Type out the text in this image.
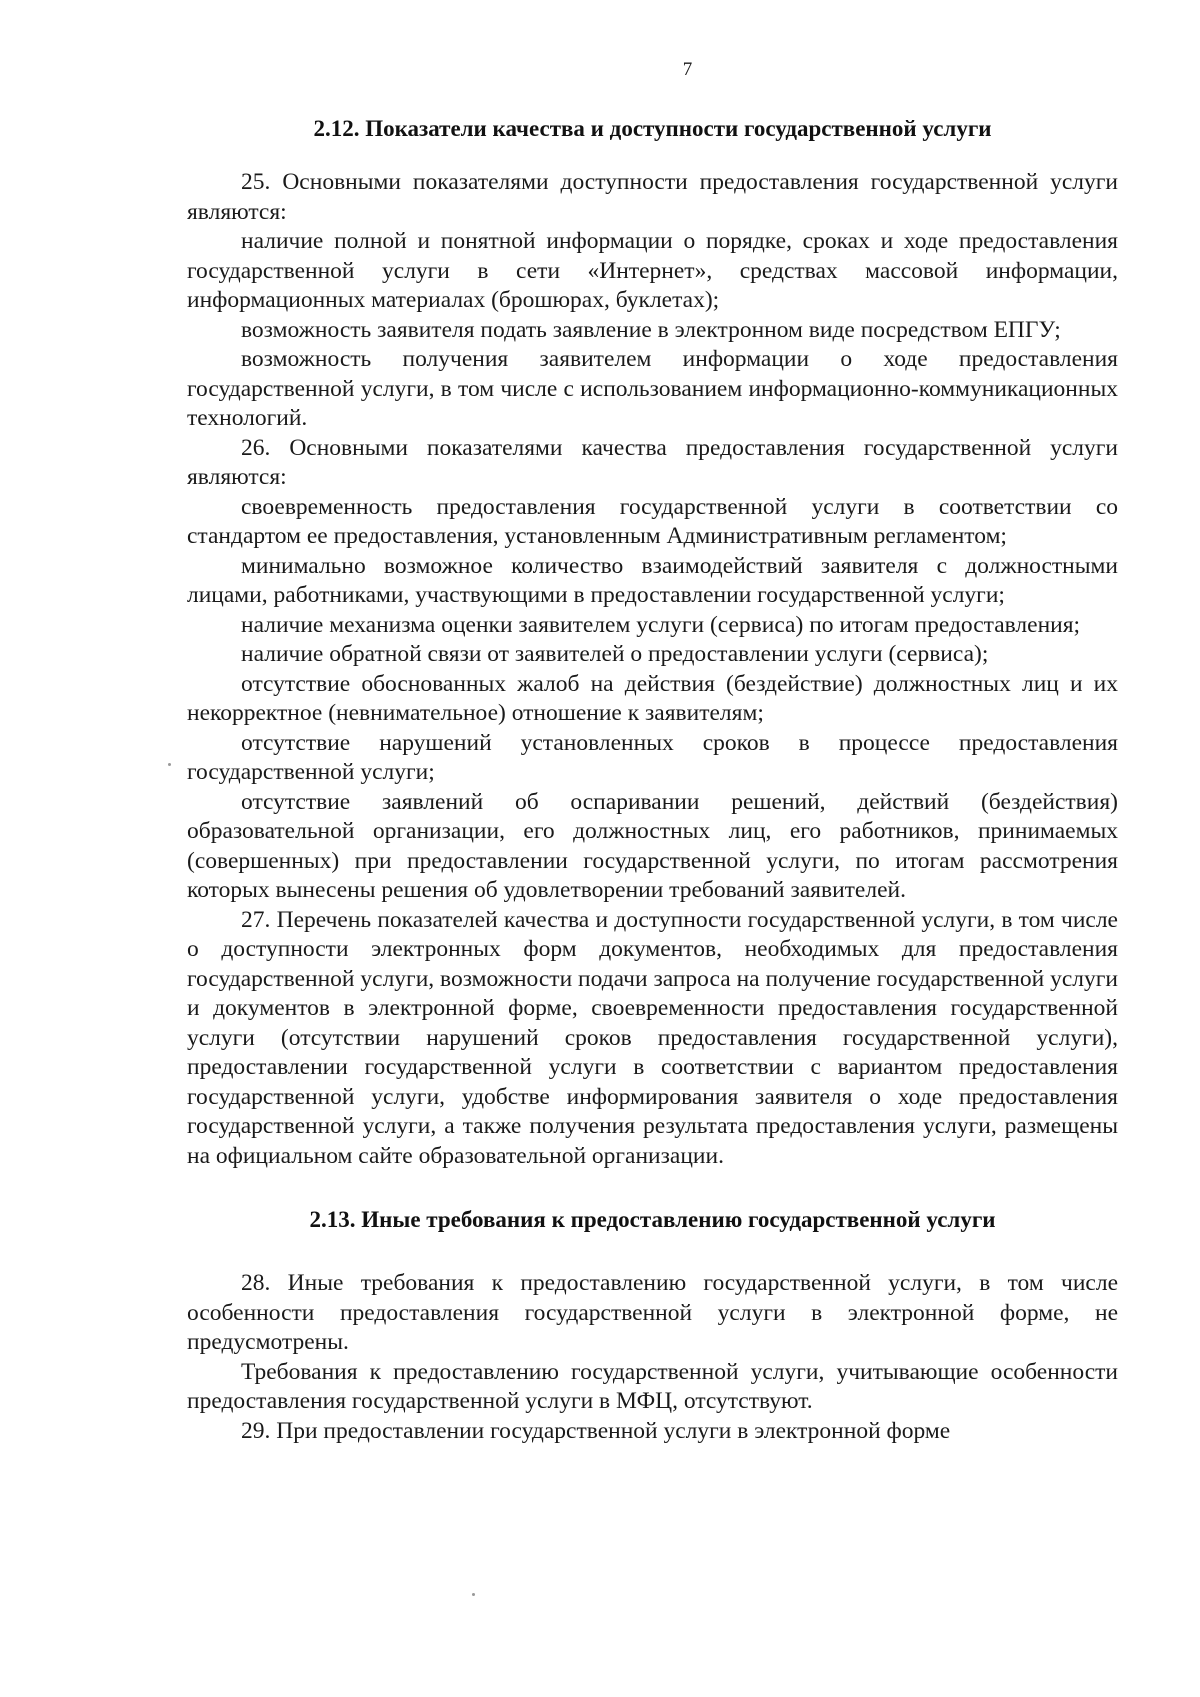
7
2.12. Показатели качества и доступности государственной услуги

25. Основными показателями доступности предоставления государственной услуги являются:

наличие полной и понятной информации о порядке, сроках и ходе предоставления государственной услуги в сети «Интернет», средствах массовой информации, информационных материалах (брошюрах, буклетах);

возможность заявителя подать заявление в электронном виде посредством ЕПГУ;

возможность получения заявителем информации о ходе предоставления государственной услуги, в том числе с использованием информационно-коммуникационных технологий.

26. Основными показателями качества предоставления государственной услуги являются:

своевременность предоставления государственной услуги в соответствии со стандартом ее предоставления, установленным Административным регламентом;

минимально возможное количество взаимодействий заявителя с должностными лицами, работниками, участвующими в предоставлении государственной услуги;

наличие механизма оценки заявителем услуги (сервиса) по итогам предоставления;

наличие обратной связи от заявителей о предоставлении услуги (сервиса);

отсутствие обоснованных жалоб на действия (бездействие) должностных лиц и их некорректное (невнимательное) отношение к заявителям;

отсутствие нарушений установленных сроков в процессе предоставления государственной услуги;

отсутствие заявлений об оспаривании решений, действий (бездействия) образовательной организации, его должностных лиц, его работников, принимаемых (совершенных) при предоставлении государственной услуги, по итогам рассмотрения которых вынесены решения об удовлетворении требований заявителей.

27. Перечень показателей качества и доступности государственной услуги, в том числе о доступности электронных форм документов, необходимых для предоставления государственной услуги, возможности подачи запроса на получение государственной услуги и документов в электронной форме, своевременности предоставления государственной услуги (отсутствии нарушений сроков предоставления государственной услуги), предоставлении государственной услуги в соответствии с вариантом предоставления государственной услуги, удобстве информирования заявителя о ходе предоставления государственной услуги, а также получения результата предоставления услуги, размещены на официальном сайте образовательной организации.

2.13. Иные требования к предоставлению государственной услуги

28. Иные требования к предоставлению государственной услуги, в том числе особенности предоставления государственной услуги в электронной форме, не предусмотрены.

Требования к предоставлению государственной услуги, учитывающие особенности предоставления государственной услуги в МФЦ, отсутствуют.

29. При предоставлении государственной услуги в электронной форме
